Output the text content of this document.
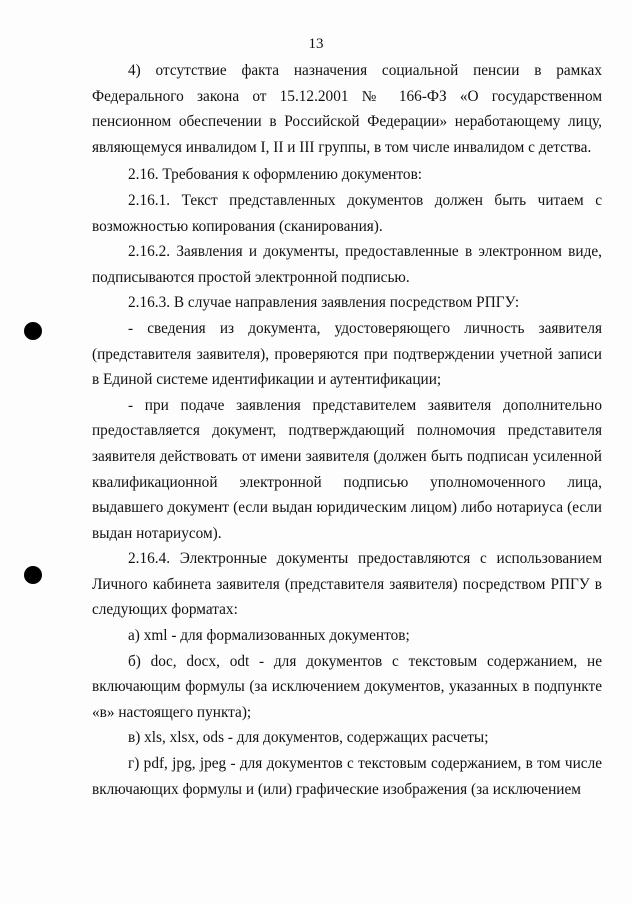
13

4) отсутствие факта назначения социальной пенсии в рамках Федерального закона от 15.12.2001 № 166-ФЗ «О государственном пенсионном обеспечении в Российской Федерации» неработающему лицу, являющемуся инвалидом I, II и III группы, в том числе инвалидом с детства.

2.16. Требования к оформлению документов:

2.16.1. Текст представленных документов должен быть читаем с возможностью копирования (сканирования).

2.16.2. Заявления и документы, предоставленные в электронном виде, подписываются простой электронной подписью.

2.16.3. В случае направления заявления посредством РПГУ:

- сведения из документа, удостоверяющего личность заявителя (представителя заявителя), проверяются при подтверждении учетной записи в Единой системе идентификации и аутентификации;

- при подаче заявления представителем заявителя дополнительно предоставляется документ, подтверждающий полномочия представителя заявителя действовать от имени заявителя (должен быть подписан усиленной квалификационной электронной подписью уполномоченного лица, выдавшего документ (если выдан юридическим лицом) либо нотариуса (если выдан нотариусом).

2.16.4. Электронные документы предоставляются с использованием Личного кабинета заявителя (представителя заявителя) посредством РПГУ в следующих форматах:

а) xml - для формализованных документов;

б) doc, docx, odt - для документов с текстовым содержанием, не включающим формулы (за исключением документов, указанных в подпункте «в» настоящего пункта);

в) xls, xlsx, ods - для документов, содержащих расчеты;

г) pdf, jpg, jpeg - для документов с текстовым содержанием, в том числе включающих формулы и (или) графические изображения (за исключением
